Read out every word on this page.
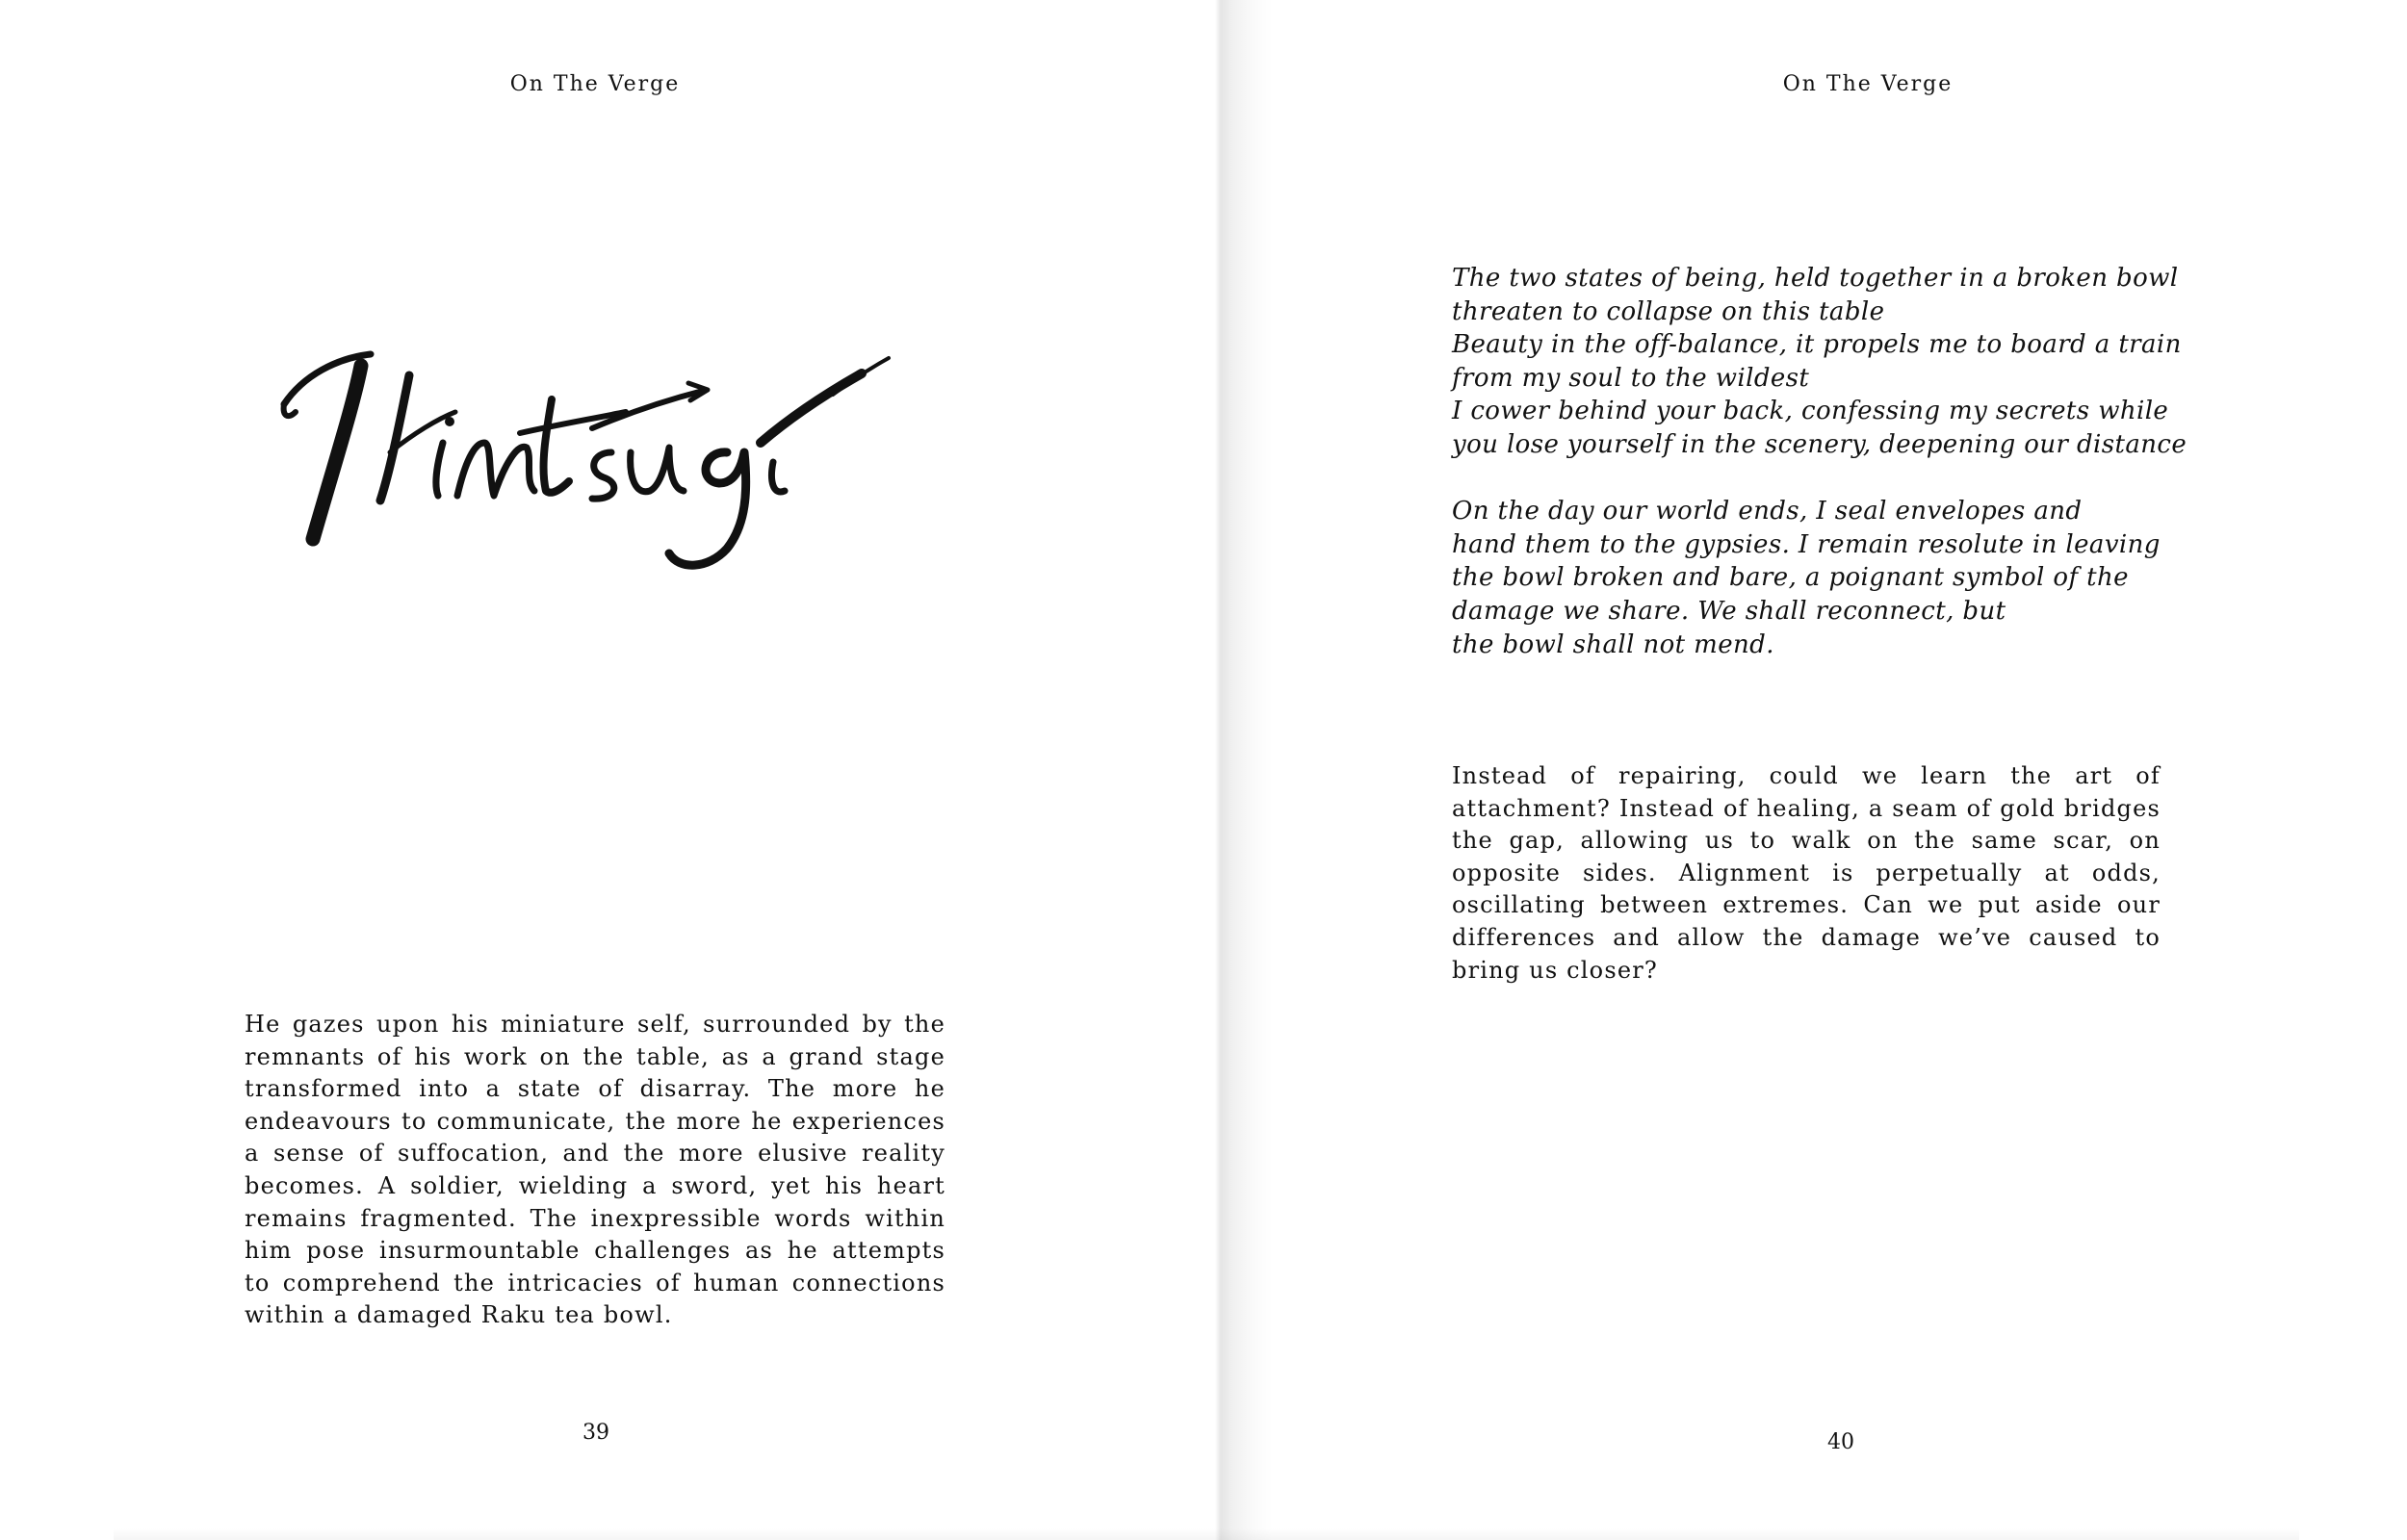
On The Verge
He gazes upon his miniature self, surrounded by the remnants of his work on the table, as a grand stage transformed into a state of disarray. The more he endeavours to communicate, the more he experiences a sense of suffocation, and the more elusive reality becomes. A soldier, wielding a sword, yet his heart remains fragmented. The inexpressible words within him pose insurmountable challenges as he attempts to comprehend the intricacies of human connections within a damaged Raku tea bowl.
39
On The Verge
The two states of being, held together in a broken bowl
threaten to collapse on this table
Beauty in the off-balance, it propels me to board a train
from my soul to the wildest
I cower behind your back, confessing my secrets while
you lose yourself in the scenery, deepening our distance
On the day our world ends, I seal envelopes and
hand them to the gypsies. I remain resolute in leaving
the bowl broken and bare, a poignant symbol of the
damage we share. We shall reconnect, but
the bowl shall not mend.
Instead of repairing, could we learn the art of attachment? Instead of healing, a seam of gold bridges the gap, allowing us to walk on the same scar, on opposite sides. Alignment is perpetually at odds, oscillating between extremes. Can we put aside our differences and allow the damage we’ve caused to bring us closer?
40
